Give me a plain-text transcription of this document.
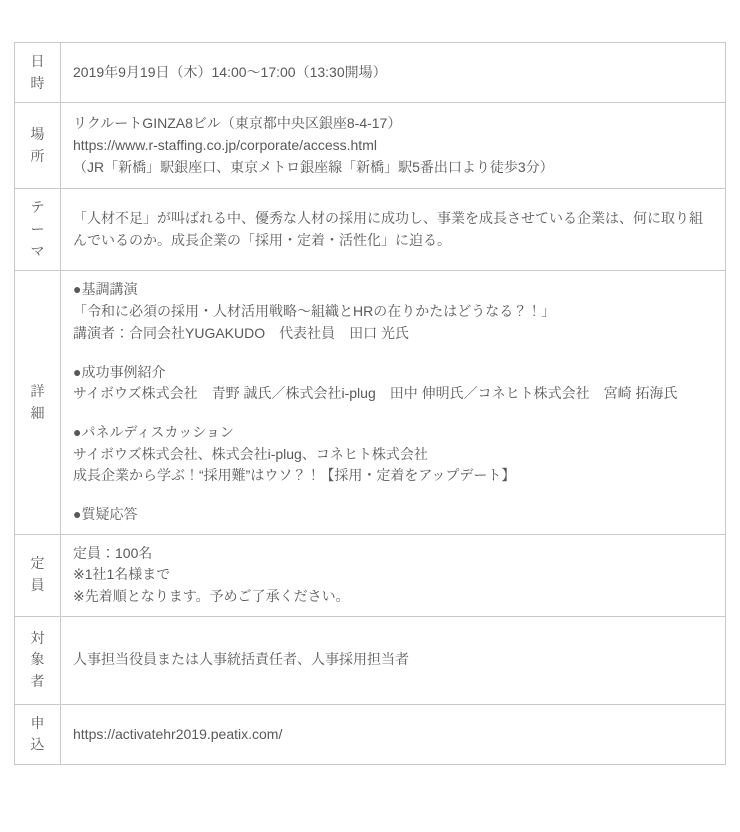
日時	2019年9月19日（木）14:00～17:00（13:30開場）

場所	リクルートGINZA8ビル（東京都中央区銀座8-4-17）
https://www.r-staffing.co.jp/corporate/access.html
（JR「新橋」駅銀座口、東京メトロ銀座線「新橋」駅5番出口より徒歩3分）

テーマ	「人材不足」が叫ばれる中、優秀な人材の採用に成功し、事業を成長させている企業は、何に取り組んでいるのか。成長企業の「採用・定着・活性化」に迫る。

詳細	
●基調講演
「令和に必須の採用・人材活用戦略～組織とHRの在りかたはどうなる？！」
講演者：合同会社YUGAKUDO　代表社員　田口 光氏
●成功事例紹介
サイボウズ株式会社　青野 誠氏／株式会社i-plug　田中 伸明氏／コネヒト株式会社　宮崎 拓海氏
●パネルディスカッション
サイボウズ株式会社、株式会社i-plug、コネヒト株式会社
成長企業から学ぶ！“採用難”はウソ？！【採用・定着をアップデート】
●質疑応答

定員	定員：100名
※1社1名様まで
※先着順となります。予めご了承ください。

対象者	人事担当役員または人事統括責任者、人事採用担当者

申込	https://activatehr2019.peatix.com/
